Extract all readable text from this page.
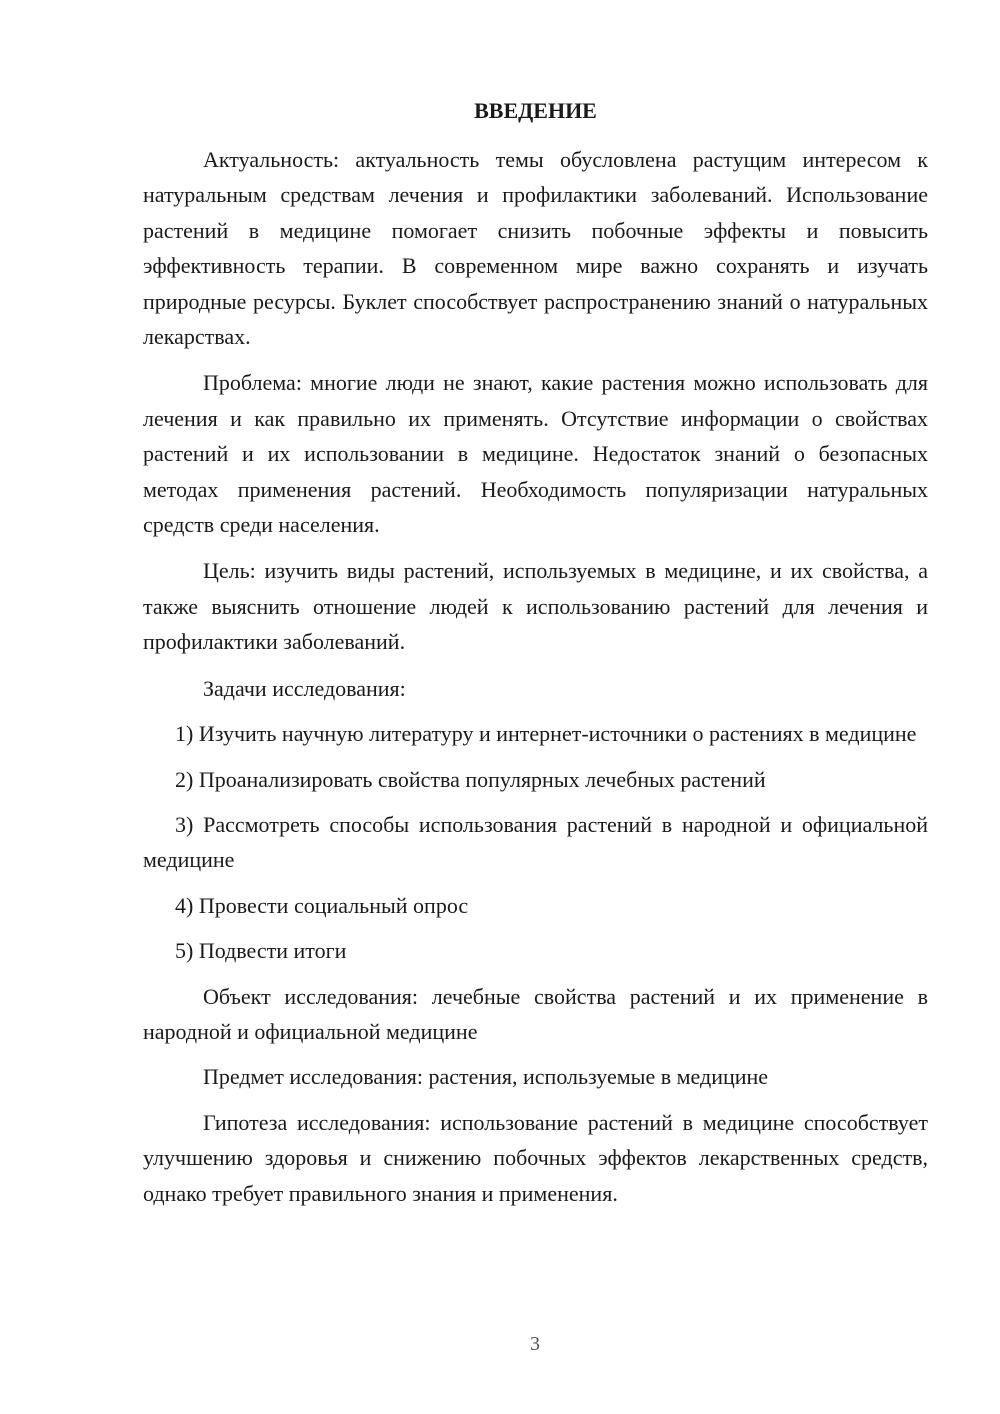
ВВЕДЕНИЕ

Актуальность: актуальность темы обусловлена растущим интересом к натуральным средствам лечения и профилактики заболеваний. Использование растений в медицине помогает снизить побочные эффекты и повысить эффективность терапии. В современном мире важно сохранять и изучать природные ресурсы. Буклет способствует распространению знаний о натуральных лекарствах.

Проблема: многие люди не знают, какие растения можно использовать для лечения и как правильно их применять. Отсутствие информации о свойствах растений и их использовании в медицине. Недостаток знаний о безопасных методах применения растений. Необходимость популяризации натуральных средств среди населения.

Цель: изучить виды растений, используемых в медицине, и их свойства, а также выяснить отношение людей к использованию растений для лечения и профилактики заболеваний.

Задачи исследования:

1) Изучить научную литературу и интернет-источники о растениях в медицине

2) Проанализировать свойства популярных лечебных растений

3) Рассмотреть способы использования растений в народной и официальной медицине

4) Провести социальный опрос

5) Подвести итоги

Объект исследования: лечебные свойства растений и их применение в народной и официальной медицине

Предмет исследования: растения, используемые в медицине

Гипотеза исследования: использование растений в медицине способствует улучшению здоровья и снижению побочных эффектов лекарственных средств, однако требует правильного знания и применения.

3
